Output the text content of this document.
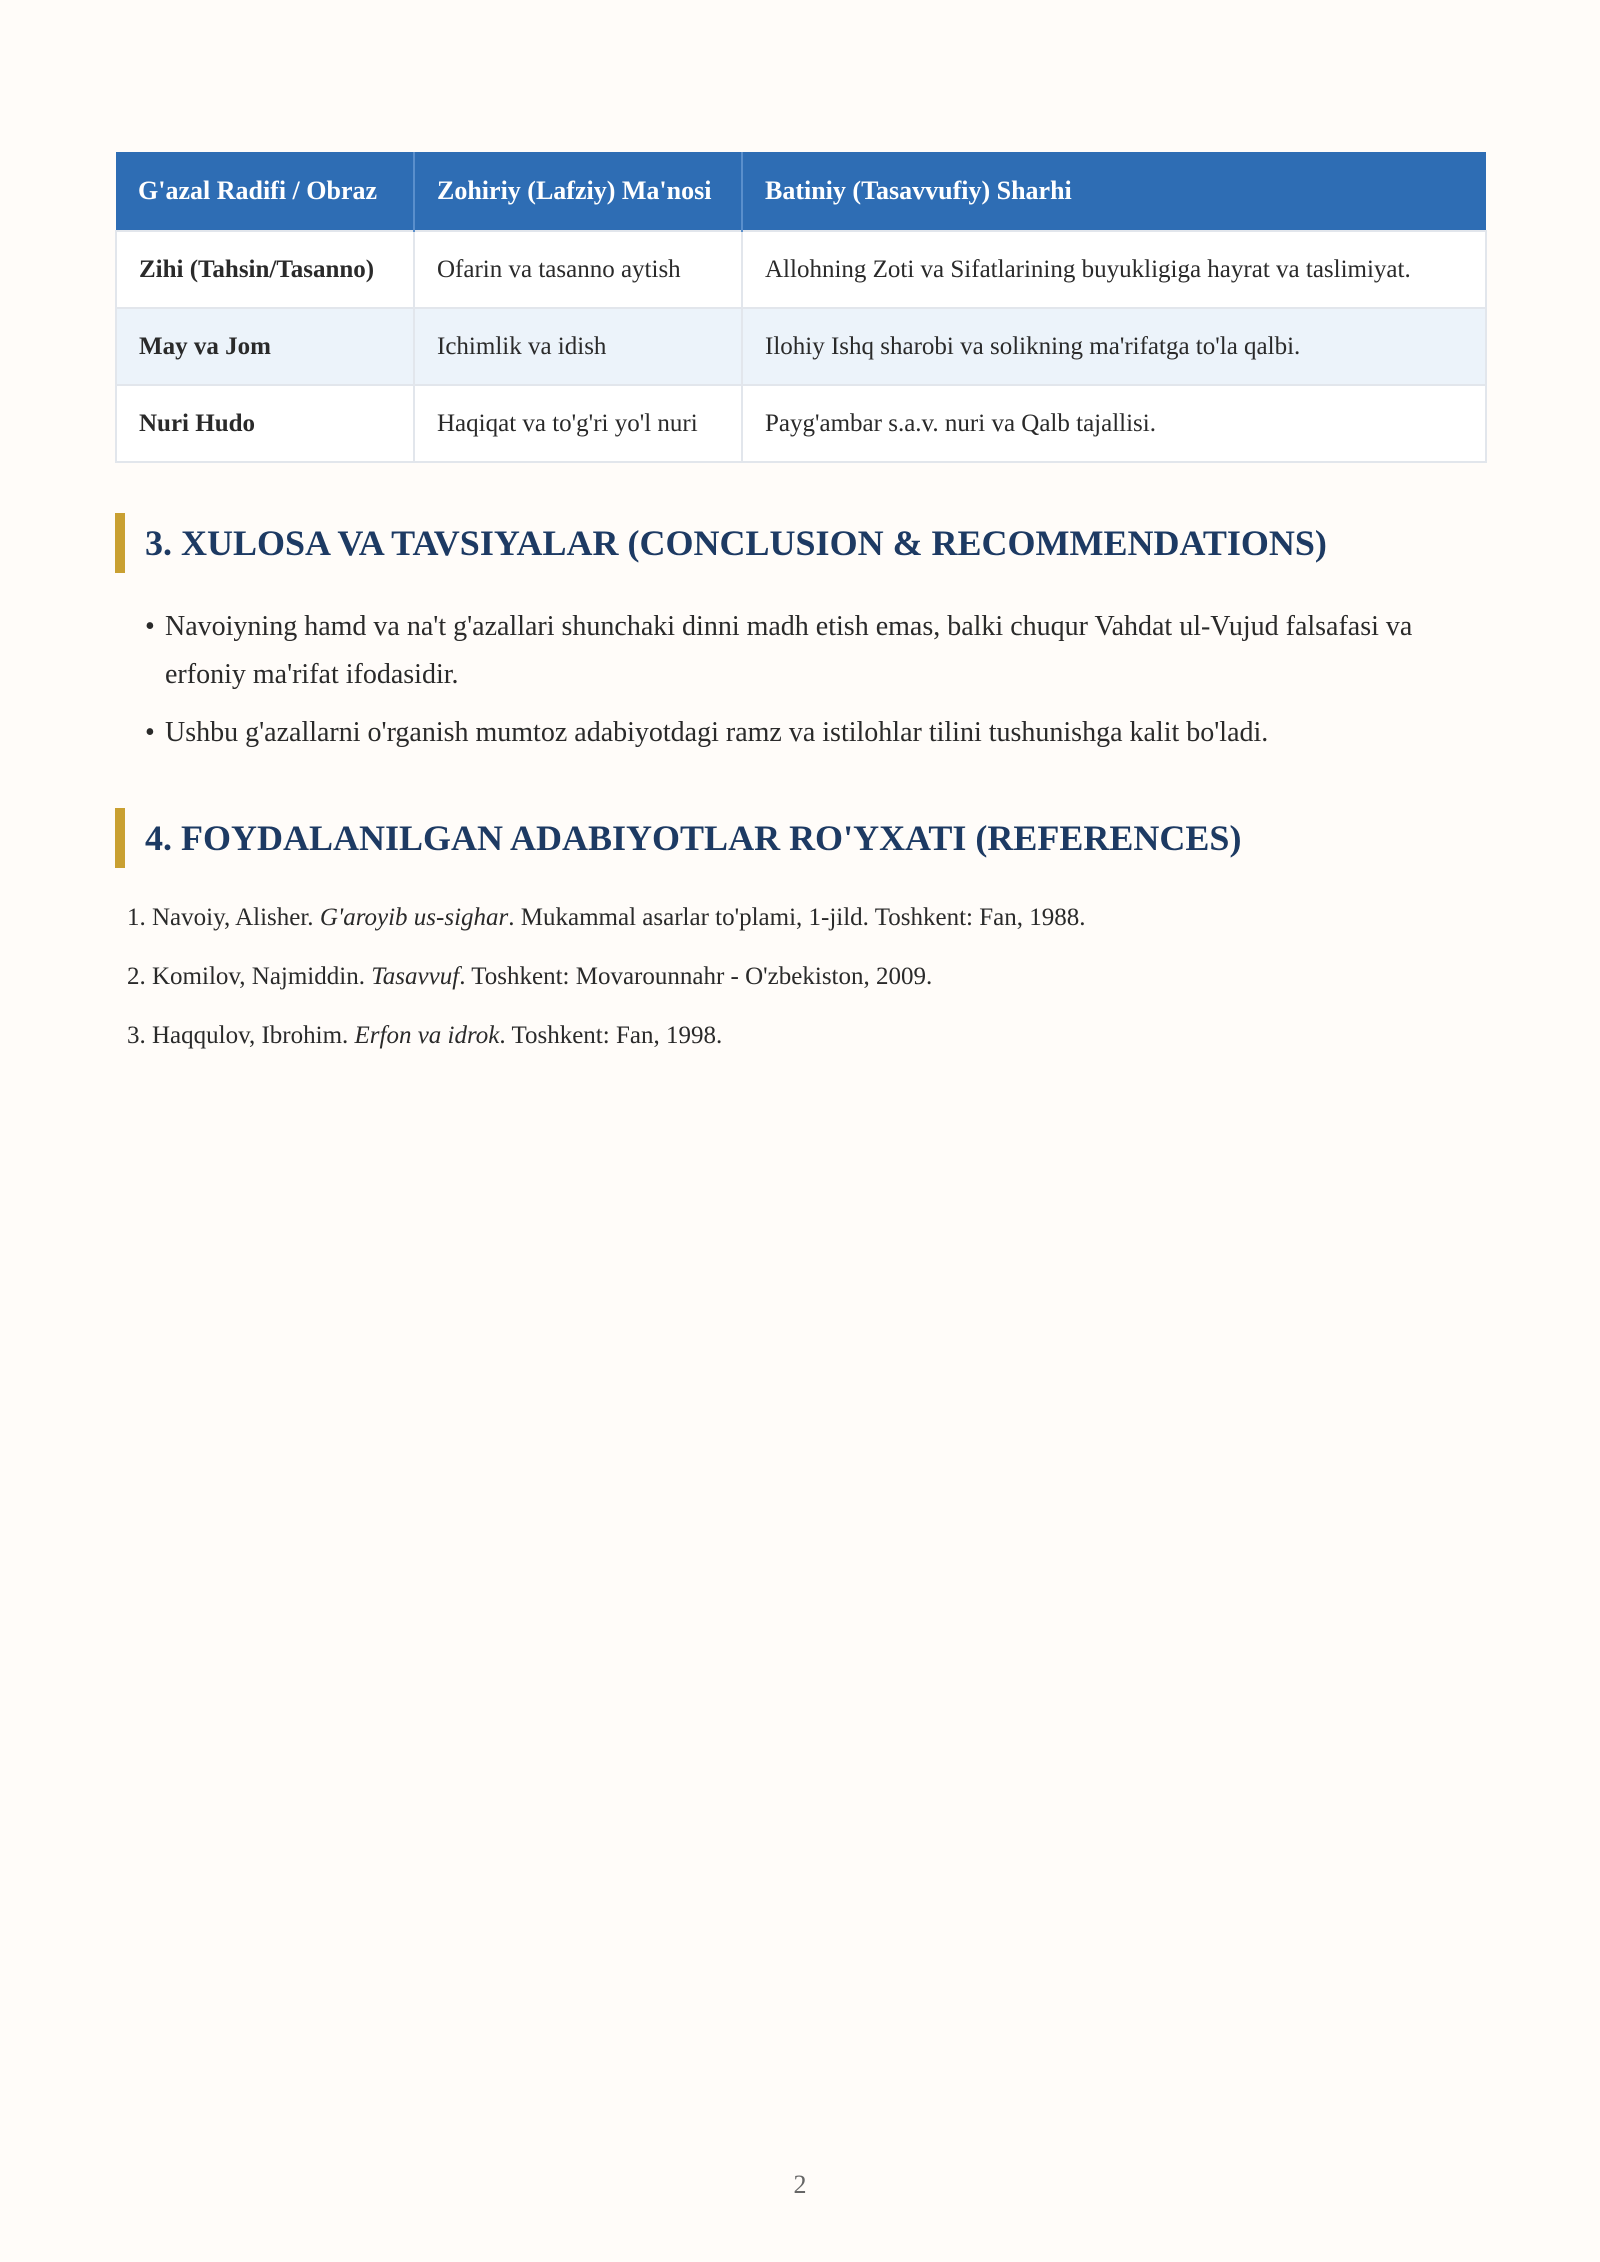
G'azal Radifi / Obraz	Zohiriy (Lafziy) Ma'nosi	Batiniy (Tasavvufiy) Sharhi
Zihi (Tahsin/Tasanno)	Ofarin va tasanno aytish	Allohning Zoti va Sifatlarining buyukligiga hayrat va taslimiyat.
May va Jom	Ichimlik va idish	Ilohiy Ishq sharobi va solikning ma'rifatga to'la qalbi.
Nuri Hudo	Haqiqat va to'g'ri yo'l nuri	Payg'ambar s.a.v. nuri va Qalb tajallisi.
3. XULOSA VA TAVSIYALAR (CONCLUSION & RECOMMENDATIONS)
• Navoiyning hamd va na't g'azallari shunchaki dinni madh etish emas, balki chuqur Vahdat ul-Vujud falsafasi va erfoniy ma'rifat ifodasidir.
• Ushbu g'azallarni o'rganish mumtoz adabiyotdagi ramz va istilohlar tilini tushunishga kalit bo'ladi.
4. FOYDALANILGAN ADABIYOTLAR RO'YXATI (REFERENCES)
1. Navoiy, Alisher. G'aroyib us-sighar. Mukammal asarlar to'plami, 1-jild. Toshkent: Fan, 1988.
2. Komilov, Najmiddin. Tasavvuf. Toshkent: Movarounnahr - O'zbekiston, 2009.
3. Haqqulov, Ibrohim. Erfon va idrok. Toshkent: Fan, 1998.
2
